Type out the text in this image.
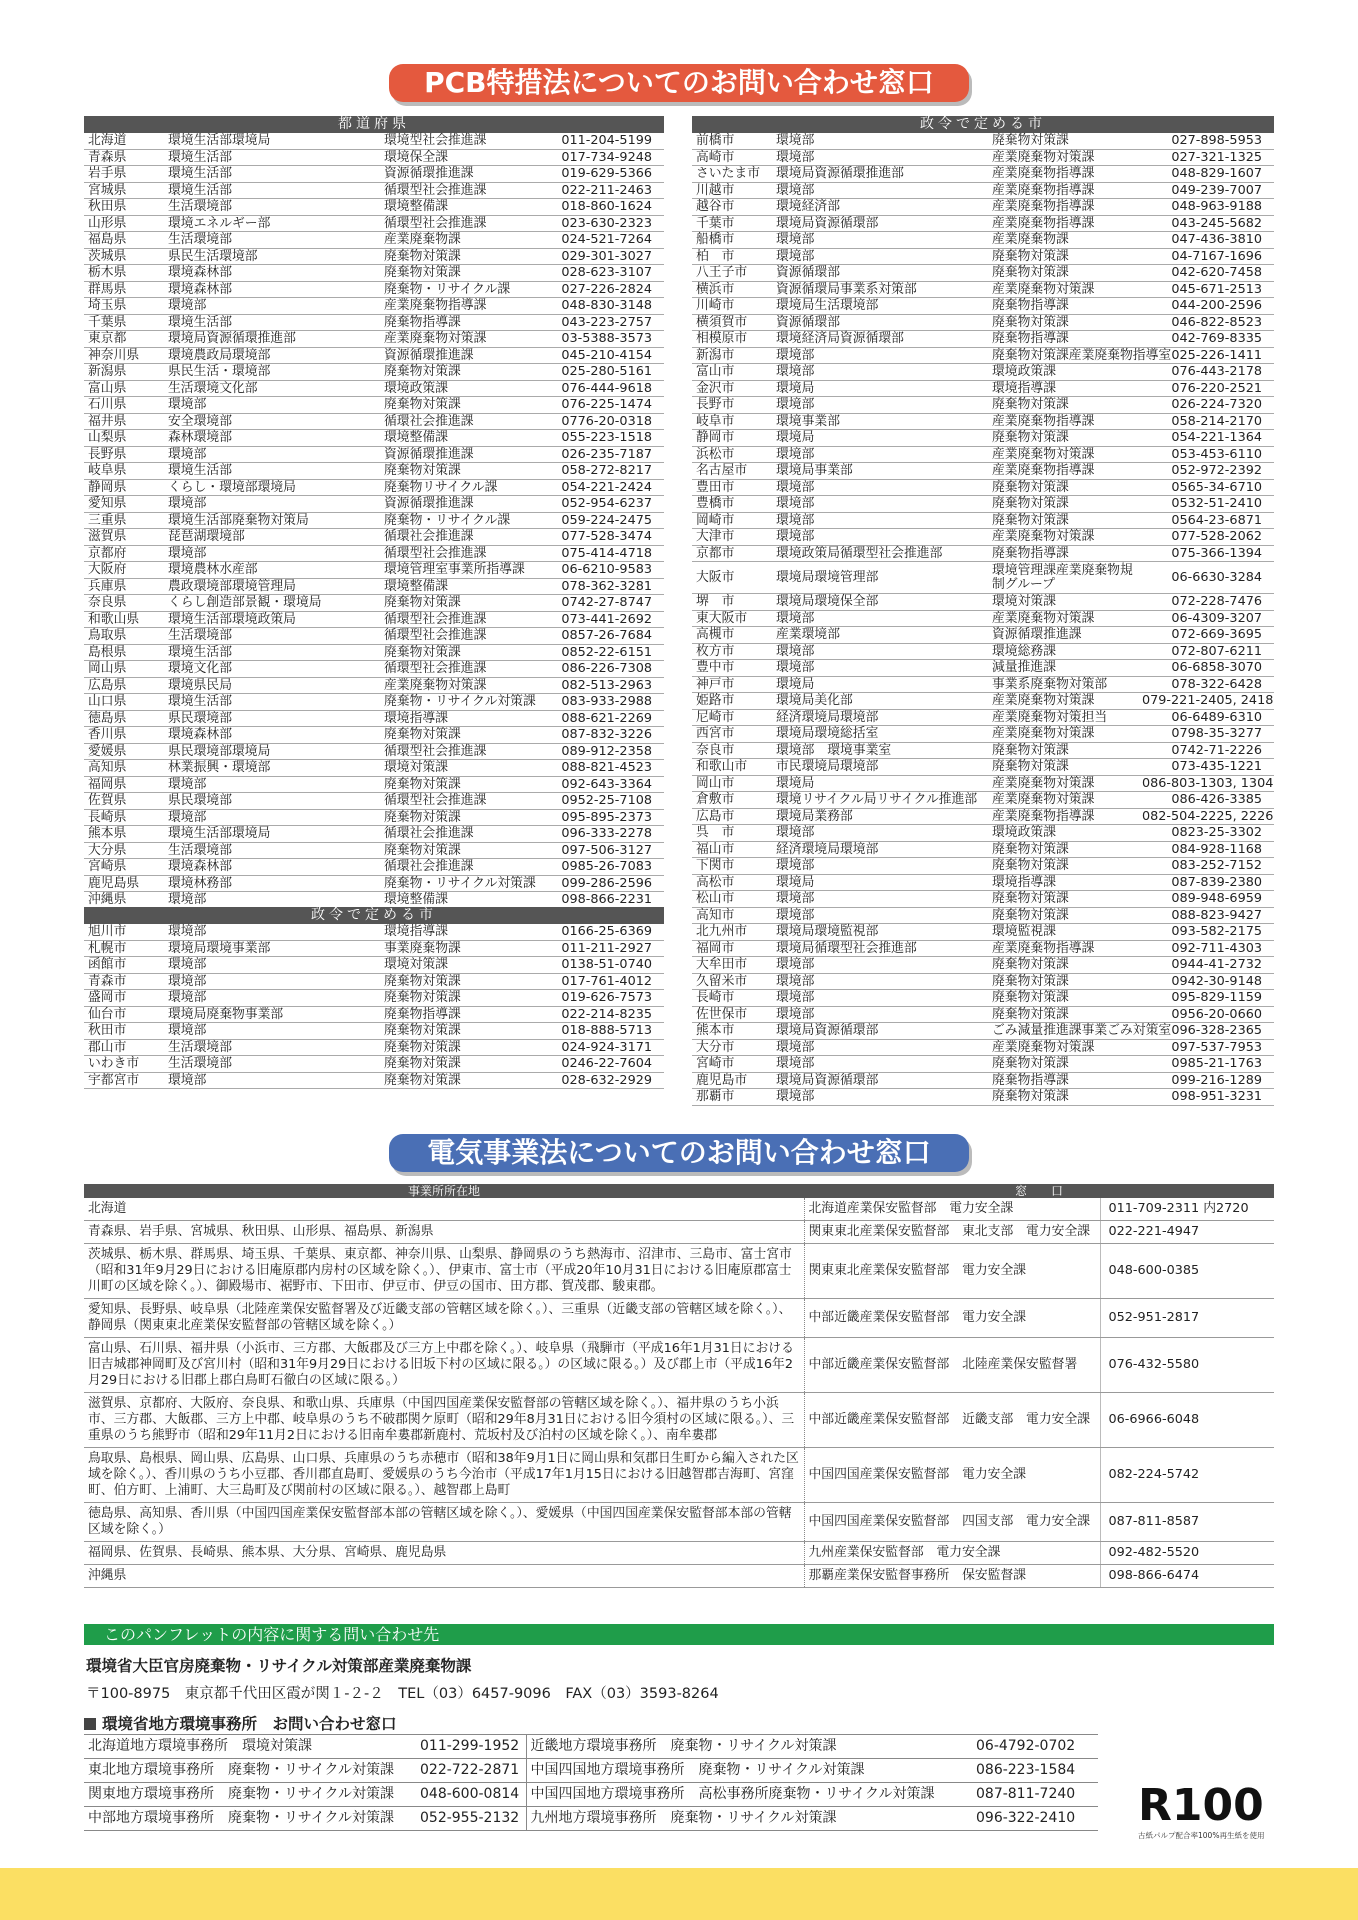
PCB特措法についてのお問い合わせ窓口
都道府県
北海道	環境生活部環境局	環境型社会推進課	011-204-5199
青森県	環境生活部	環境保全課	017-734-9248
岩手県	環境生活部	資源循環推進課	019-629-5366
宮城県	環境生活部	循環型社会推進課	022-211-2463
秋田県	生活環境部	環境整備課	018-860-1624
山形県	環境エネルギー部	循環型社会推進課	023-630-2323
福島県	生活環境部	産業廃棄物課	024-521-7264
茨城県	県民生活環境部	廃棄物対策課	029-301-3027
栃木県	環境森林部	廃棄物対策課	028-623-3107
群馬県	環境森林部	廃棄物・リサイクル課	027-226-2824
埼玉県	環境部	産業廃棄物指導課	048-830-3148
千葉県	環境生活部	廃棄物指導課	043-223-2757
東京都	環境局資源循環推進部	産業廃棄物対策課	03-5388-3573
神奈川県	環境農政局環境部	資源循環推進課	045-210-4154
新潟県	県民生活・環境部	廃棄物対策課	025-280-5161
富山県	生活環境文化部	環境政策課	076-444-9618
石川県	環境部	廃棄物対策課	076-225-1474
福井県	安全環境部	循環社会推進課	0776-20-0318
山梨県	森林環境部	環境整備課	055-223-1518
長野県	環境部	資源循環推進課	026-235-7187
岐阜県	環境生活部	廃棄物対策課	058-272-8217
静岡県	くらし・環境部環境局	廃棄物リサイクル課	054-221-2424
愛知県	環境部	資源循環推進課	052-954-6237
三重県	環境生活部廃棄物対策局	廃棄物・リサイクル課	059-224-2475
滋賀県	琵琶湖環境部	循環社会推進課	077-528-3474
京都府	環境部	循環型社会推進課	075-414-4718
大阪府	環境農林水産部	環境管理室事業所指導課	06-6210-9583
兵庫県	農政環境部環境管理局	環境整備課	078-362-3281
奈良県	くらし創造部景観・環境局	廃棄物対策課	0742-27-8747
和歌山県	環境生活部環境政策局	循環型社会推進課	073-441-2692
鳥取県	生活環境部	循環型社会推進課	0857-26-7684
島根県	環境生活部	廃棄物対策課	0852-22-6151
岡山県	環境文化部	循環型社会推進課	086-226-7308
広島県	環境県民局	産業廃棄物対策課	082-513-2963
山口県	環境生活部	廃棄物・リサイクル対策課	083-933-2988
徳島県	県民環境部	環境指導課	088-621-2269
香川県	環境森林部	廃棄物対策課	087-832-3226
愛媛県	県民環境部環境局	循環型社会推進課	089-912-2358
高知県	林業振興・環境部	環境対策課	088-821-4523
福岡県	環境部	廃棄物対策課	092-643-3364
佐賀県	県民環境部	循環型社会推進課	0952-25-7108
長崎県	環境部	廃棄物対策課	095-895-2373
熊本県	環境生活部環境局	循環社会推進課	096-333-2278
大分県	生活環境部	廃棄物対策課	097-506-3127
宮崎県	環境森林部	循環社会推進課	0985-26-7083
鹿児島県	環境林務部	廃棄物・リサイクル対策課	099-286-2596
沖縄県	環境部	環境整備課	098-866-2231
政令で定める市
旭川市	環境部	環境指導課	0166-25-6369
札幌市	環境局環境事業部	事業廃棄物課	011-211-2927
函館市	環境部	環境対策課	0138-51-0740
青森市	環境部	廃棄物対策課	017-761-4012
盛岡市	環境部	廃棄物対策課	019-626-7573
仙台市	環境局廃棄物事業部	廃棄物指導課	022-214-8235
秋田市	環境部	廃棄物対策課	018-888-5713
郡山市	生活環境部	廃棄物対策課	024-924-3171
いわき市	生活環境部	廃棄物対策課	0246-22-7604
宇都宮市	環境部	廃棄物対策課	028-632-2929
政令で定める市
前橋市	環境部	廃棄物対策課	027-898-5953
高崎市	環境部	産業廃棄物対策課	027-321-1325
さいたま市	環境局資源循環推進部	産業廃棄物指導課	048-829-1607
川越市	環境部	産業廃棄物指導課	049-239-7007
越谷市	環境経済部	産業廃棄物指導課	048-963-9188
千葉市	環境局資源循環部	産業廃棄物指導課	043-245-5682
船橋市	環境部	産業廃棄物課	047-436-3810
柏　市	環境部	廃棄物対策課	04-7167-1696
八王子市	資源循環部	廃棄物対策課	042-620-7458
横浜市	資源循環局事業系対策部	産業廃棄物対策課	045-671-2513
川崎市	環境局生活環境部	廃棄物指導課	044-200-2596
横須賀市	資源循環部	廃棄物対策課	046-822-8523
相模原市	環境経済局資源循環部	廃棄物指導課	042-769-8335
新潟市	環境部	廃棄物対策課産業廃棄物指導室	025-226-1411
富山市	環境部	環境政策課	076-443-2178
金沢市	環境局	環境指導課	076-220-2521
長野市	環境部	廃棄物対策課	026-224-7320
岐阜市	環境事業部	産業廃棄物指導課	058-214-2170
静岡市	環境局	廃棄物対策課	054-221-1364
浜松市	環境部	産業廃棄物対策課	053-453-6110
名古屋市	環境局事業部	産業廃棄物指導課	052-972-2392
豊田市	環境部	廃棄物対策課	0565-34-6710
豊橋市	環境部	廃棄物対策課	0532-51-2410
岡崎市	環境部	廃棄物対策課	0564-23-6871
大津市	環境部	産業廃棄物対策課	077-528-2062
京都市	環境政策局循環型社会推進部	廃棄物指導課	075-366-1394
大阪市	環境局環境管理部	環境管理課産業廃棄物規制グループ	06-6630-3284
堺　市	環境局環境保全部	環境対策課	072-228-7476
東大阪市	環境部	産業廃棄物対策課	06-4309-3207
高槻市	産業環境部	資源循環推進課	072-669-3695
枚方市	環境部	環境総務課	072-807-6211
豊中市	環境部	減量推進課	06-6858-3070
神戸市	環境局	事業系廃棄物対策部	078-322-6428
姫路市	環境局美化部	産業廃棄物対策課	079-221-2405, 2418
尼崎市	経済環境局環境部	産業廃棄物対策担当	06-6489-6310
西宮市	環境局環境総括室	産業廃棄物対策課	0798-35-3277
奈良市	環境部　環境事業室	廃棄物対策課	0742-71-2226
和歌山市	市民環境局環境部	廃棄物対策課	073-435-1221
岡山市	環境局	産業廃棄物対策課	086-803-1303, 1304
倉敷市	環境リサイクル局リサイクル推進部	産業廃棄物対策課	086-426-3385
広島市	環境局業務部	産業廃棄物指導課	082-504-2225, 2226
呉　市	環境部	環境政策課	0823-25-3302
福山市	経済環境局環境部	廃棄物対策課	084-928-1168
下関市	環境部	廃棄物対策課	083-252-7152
高松市	環境局	環境指導課	087-839-2380
松山市	環境部	廃棄物対策課	089-948-6959
高知市	環境部	廃棄物対策課	088-823-9427
北九州市	環境局環境監視部	環境監視課	093-582-2175
福岡市	環境局循環型社会推進部	産業廃棄物指導課	092-711-4303
大牟田市	環境部	廃棄物対策課	0944-41-2732
久留米市	環境部	廃棄物対策課	0942-30-9148
長崎市	環境部	廃棄物対策課	095-829-1159
佐世保市	環境部	廃棄物対策課	0956-20-0660
熊本市	環境局資源循環部	ごみ減量推進課事業ごみ対策室	096-328-2365
大分市	環境部	産業廃棄物対策課	097-537-7953
宮崎市	環境部	廃棄物対策課	0985-21-1763
鹿児島市	環境局資源循環部	廃棄物指導課	099-216-1289
那覇市	環境部	廃棄物対策課	098-951-3231
電気事業法についてのお問い合わせ窓口
事業所所在地	窓　　口
北海道	北海道産業保安監督部　電力安全課	011-709-2311 内2720
青森県、岩手県、宮城県、秋田県、山形県、福島県、新潟県	関東東北産業保安監督部　東北支部　電力安全課	022-221-4947
茨城県、栃木県、群馬県、埼玉県、千葉県、東京都、神奈川県、山梨県、静岡県のうち熱海市、沼津市、三島市、富士宮市（昭和31年9月29日における旧庵原郡内房村の区域を除く。）、伊東市、富士市（平成20年10月31日における旧庵原郡富士川町の区域を除く。）、御殿場市、裾野市、下田市、伊豆市、伊豆の国市、田方郡、賀茂郡、駿東郡。	関東東北産業保安監督部　電力安全課	048-600-0385
愛知県、長野県、岐阜県（北陸産業保安監督署及び近畿支部の管轄区域を除く。）、三重県（近畿支部の管轄区域を除く。）、静岡県（関東東北産業保安監督部の管轄区域を除く。）	中部近畿産業保安監督部　電力安全課	052-951-2817
富山県、石川県、福井県（小浜市、三方郡、大飯郡及び三方上中郡を除く。）、岐阜県（飛騨市（平成16年1月31日における旧吉城郡神岡町及び宮川村（昭和31年9月29日における旧坂下村の区域に限る。）の区域に限る。）及び郡上市（平成16年2月29日における旧郡上郡白鳥町石徹白の区域に限る。）	中部近畿産業保安監督部　北陸産業保安監督署	076-432-5580
滋賀県、京都府、大阪府、奈良県、和歌山県、兵庫県（中国四国産業保安監督部の管轄区域を除く。）、福井県のうち小浜市、三方郡、大飯郡、三方上中郡、岐阜県のうち不破郡関ケ原町（昭和29年8月31日における旧今須村の区域に限る。）、三重県のうち熊野市（昭和29年11月2日における旧南牟婁郡新鹿村、荒坂村及び泊村の区域を除く。）、南牟婁郡	中部近畿産業保安監督部　近畿支部　電力安全課	06-6966-6048
鳥取県、島根県、岡山県、広島県、山口県、兵庫県のうち赤穂市（昭和38年9月1日に岡山県和気郡日生町から編入された区域を除く。）、香川県のうち小豆郡、香川郡直島町、愛媛県のうち今治市（平成17年1月15日における旧越智郡吉海町、宮窪町、伯方町、上浦町、大三島町及び関前村の区域に限る。）、越智郡上島町	中国四国産業保安監督部　電力安全課	082-224-5742
徳島県、高知県、香川県（中国四国産業保安監督部本部の管轄区域を除く。）、愛媛県（中国四国産業保安監督部本部の管轄区域を除く。）	中国四国産業保安監督部　四国支部　電力安全課	087-811-8587
福岡県、佐賀県、長崎県、熊本県、大分県、宮崎県、鹿児島県	九州産業保安監督部　電力安全課	092-482-5520
沖縄県	那覇産業保安監督事務所　保安監督課	098-866-6474
このパンフレットの内容に関する問い合わせ先
環境省大臣官房廃棄物・リサイクル対策部産業廃棄物課
〒100-8975　東京都千代田区霞が関１-２-２　TEL（03）6457-9096　FAX（03）3593-8264
環境省地方環境事務所　お問い合わせ窓口
北海道地方環境事務所　環境対策課	011-299-1952	近畿地方環境事務所　廃棄物・リサイクル対策課	06-4792-0702
東北地方環境事務所　廃棄物・リサイクル対策課	022-722-2871	中国四国地方環境事務所　廃棄物・リサイクル対策課	086-223-1584
関東地方環境事務所　廃棄物・リサイクル対策課	048-600-0814	中国四国地方環境事務所　高松事務所廃棄物・リサイクル対策課	087-811-7240
中部地方環境事務所　廃棄物・リサイクル対策課	052-955-2132	九州地方環境事務所　廃棄物・リサイクル対策課	096-322-2410 R100
古紙パルプ配合率100%再生紙を使用
